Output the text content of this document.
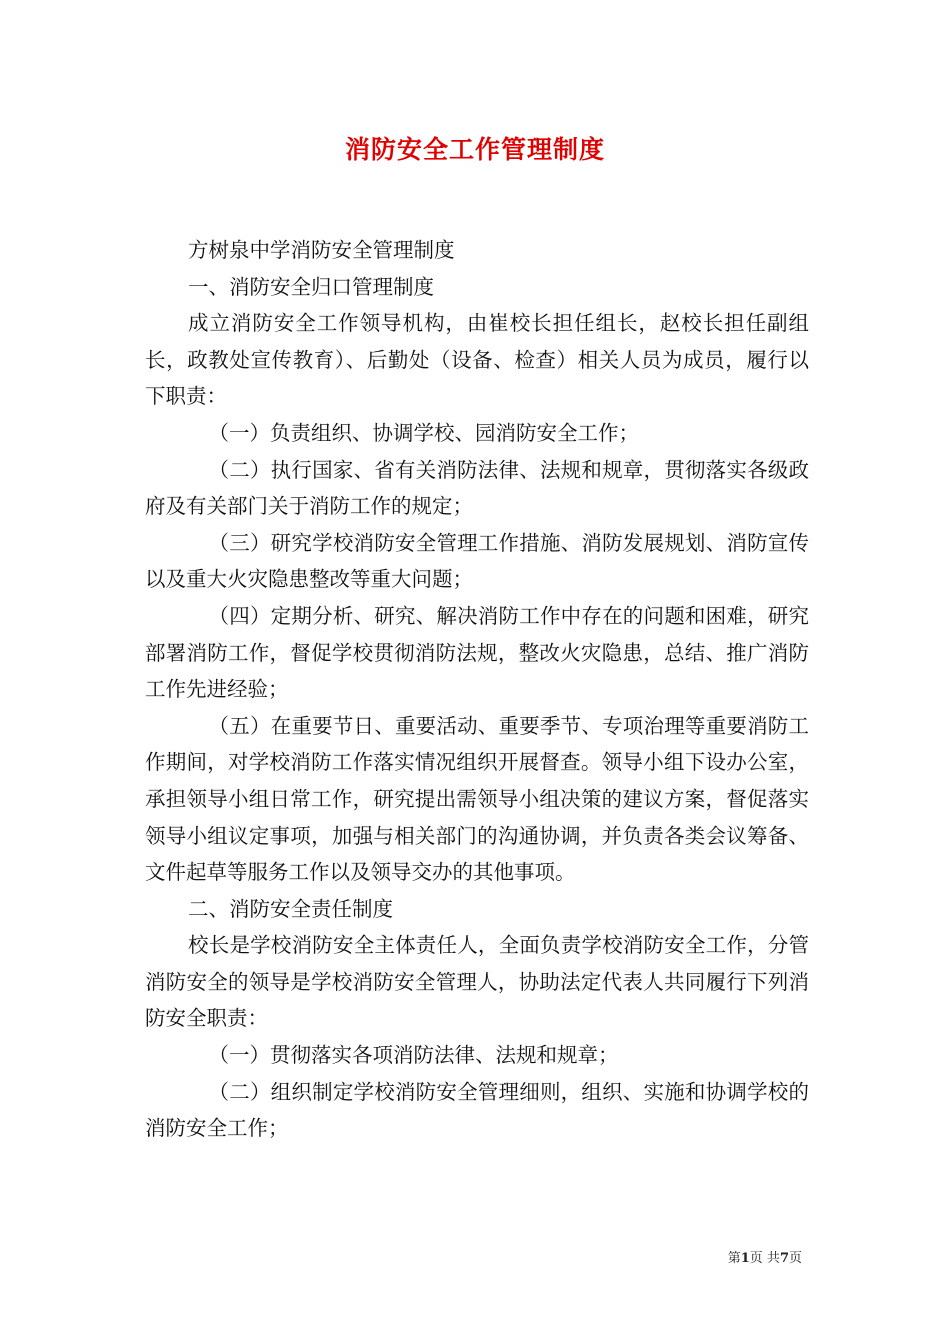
消防安全工作管理制度

方树泉中学消防安全管理制度

一、消防安全归口管理制度

成立消防安全工作领导机构，由崔校长担任组长，赵校长担任副组长，政教处宣传教育）、后勤处（设备、检查）相关人员为成员，履行以下职责：

（一）负责组织、协调学校、园消防安全工作；

（二）执行国家、省有关消防法律、法规和规章，贯彻落实各级政府及有关部门关于消防工作的规定；

（三）研究学校消防安全管理工作措施、消防发展规划、消防宣传以及重大火灾隐患整改等重大问题；

（四）定期分析、研究、解决消防工作中存在的问题和困难，研究部署消防工作，督促学校贯彻消防法规，整改火灾隐患，总结、推广消防工作先进经验；

（五）在重要节日、重要活动、重要季节、专项治理等重要消防工作期间，对学校消防工作落实情况组织开展督查。领导小组下设办公室，承担领导小组日常工作，研究提出需领导小组决策的建议方案，督促落实领导小组议定事项，加强与相关部门的沟通协调，并负责各类会议筹备、文件起草等服务工作以及领导交办的其他事项。

二、消防安全责任制度

校长是学校消防安全主体责任人，全面负责学校消防安全工作，分管消防安全的领导是学校消防安全管理人，协助法定代表人共同履行下列消防安全职责：

（一）贯彻落实各项消防法律、法规和规章；

（二）组织制定学校消防安全管理细则，组织、实施和协调学校的消防安全工作；

第1页 共7页
